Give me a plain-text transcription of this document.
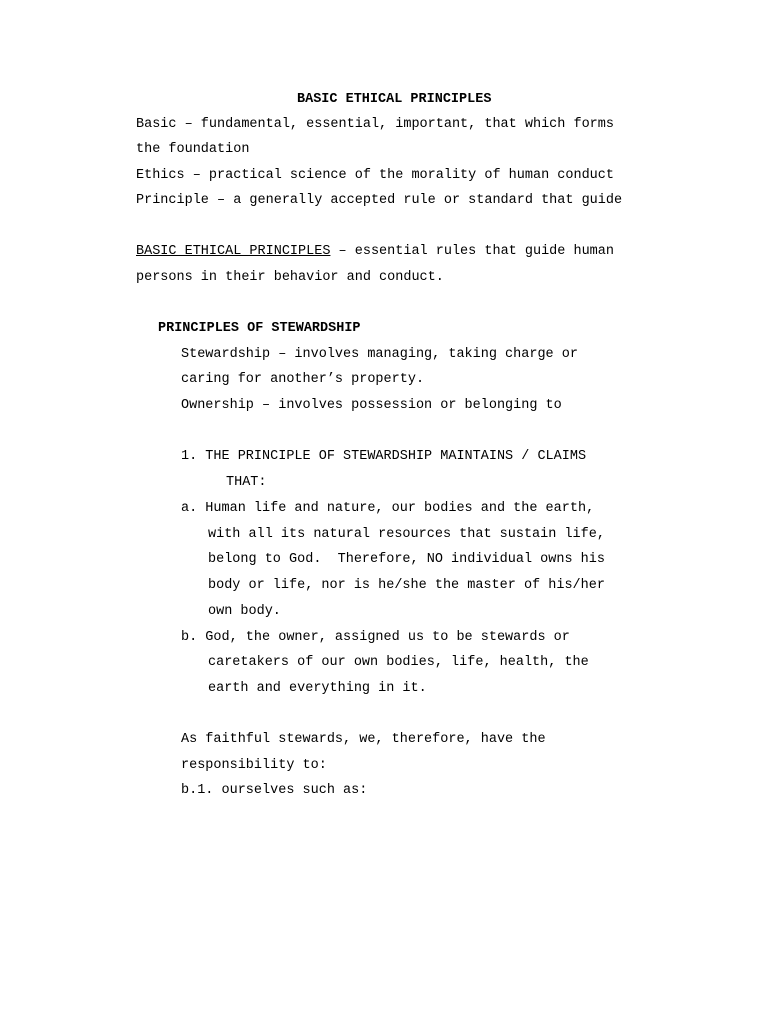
BASIC ETHICAL PRINCIPLES
Basic – fundamental, essential, important, that which forms
the foundation
Ethics – practical science of the morality of human conduct
Principle – a generally accepted rule or standard that guide
BASIC ETHICAL PRINCIPLES – essential rules that guide human
persons in their behavior and conduct.
PRINCIPLES OF STEWARDSHIP
Stewardship – involves managing, taking charge or
caring for another’s property.
Ownership – involves possession or belonging to
1. THE PRINCIPLE OF STEWARDSHIP MAINTAINS / CLAIMS
THAT:
a. Human life and nature, our bodies and the earth,
with all its natural resources that sustain life,
belong to God.  Therefore, NO individual owns his
body or life, nor is he/she the master of his/her
own body.
b. God, the owner, assigned us to be stewards or
caretakers of our own bodies, life, health, the
earth and everything in it.
As faithful stewards, we, therefore, have the
responsibility to:
b.1. ourselves such as:
